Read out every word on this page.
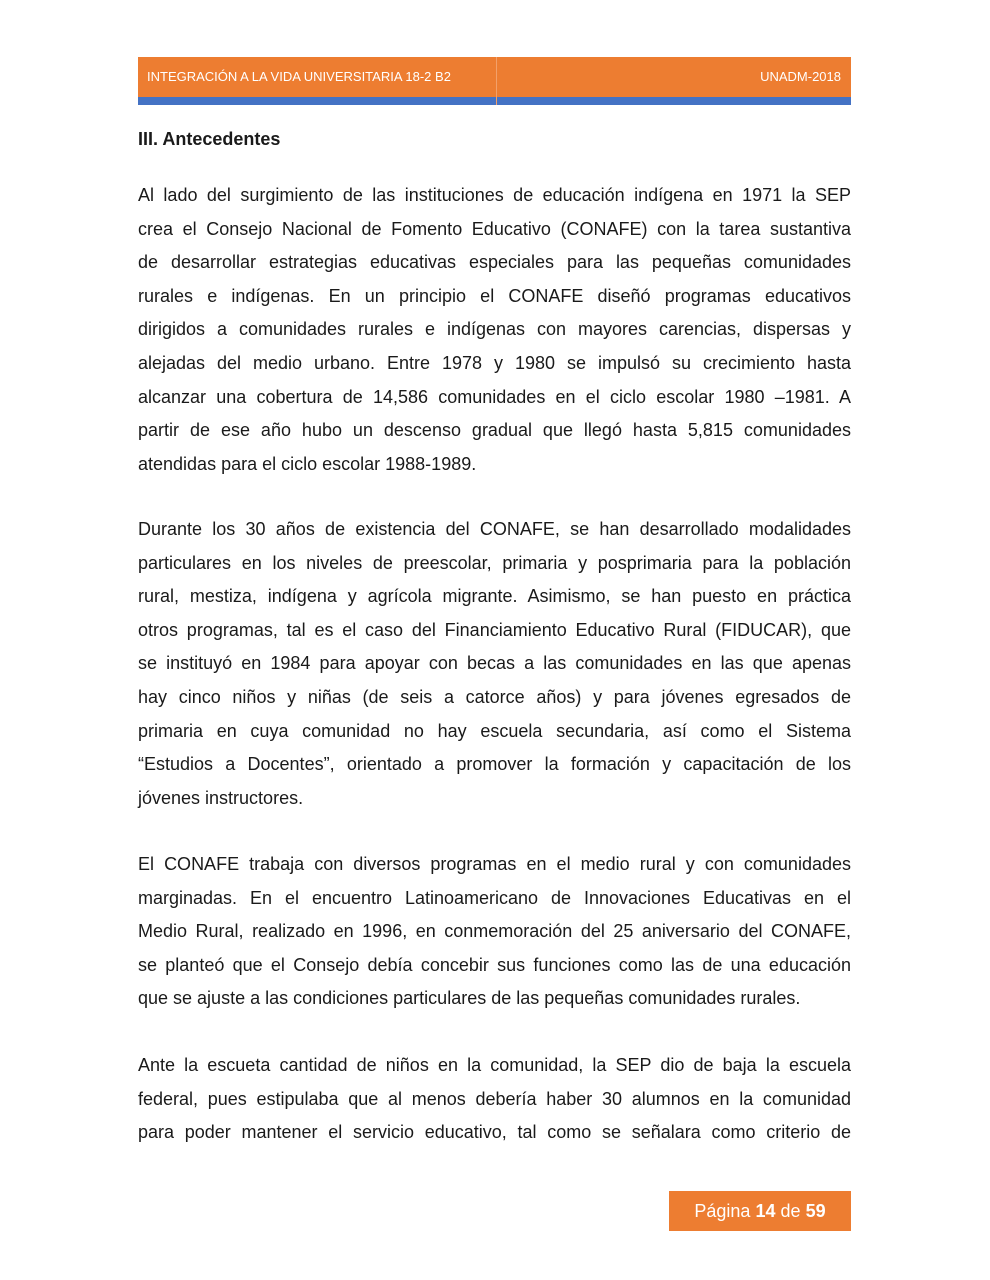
INTEGRACIÓN A LA VIDA UNIVERSITARIA 18-2 B2	UNADM-2018
III. Antecedentes
Al lado del surgimiento de las instituciones de educación indígena en 1971 la SEP
crea el Consejo Nacional de Fomento Educativo (CONAFE) con la tarea sustantiva
de desarrollar estrategias educativas especiales para las pequeñas comunidades
rurales e indígenas. En un principio el CONAFE diseñó programas educativos
dirigidos a comunidades rurales e indígenas con mayores carencias, dispersas y
alejadas del medio urbano. Entre 1978 y 1980 se impulsó su crecimiento hasta
alcanzar una cobertura de 14,586 comunidades en el ciclo escolar 1980 –1981. A
partir de ese año hubo un descenso gradual que llegó hasta 5,815 comunidades
atendidas para el ciclo escolar 1988-1989.
Durante los 30 años de existencia del CONAFE, se han desarrollado modalidades
particulares en los niveles de preescolar, primaria y posprimaria para la población
rural, mestiza, indígena y agrícola migrante. Asimismo, se han puesto en práctica
otros programas, tal es el caso del Financiamiento Educativo Rural (FIDUCAR), que
se instituyó en 1984 para apoyar con becas a las comunidades en las que apenas
hay cinco niños y niñas (de seis a catorce años) y para jóvenes egresados de
primaria en cuya comunidad no hay escuela secundaria, así como el Sistema
“Estudios a Docentes”, orientado a promover la formación y capacitación de los
jóvenes instructores.
El CONAFE trabaja con diversos programas en el medio rural y con comunidades
marginadas. En el encuentro Latinoamericano de Innovaciones Educativas en el
Medio Rural, realizado en 1996, en conmemoración del 25 aniversario del CONAFE,
se planteó que el Consejo debía concebir sus funciones como las de una educación
que se ajuste a las condiciones particulares de las pequeñas comunidades rurales.
Ante la escueta cantidad de niños en la comunidad, la SEP dio de baja la escuela
federal, pues estipulaba que al menos debería haber 30 alumnos en la comunidad
para poder mantener el servicio educativo, tal como se señalara como criterio de
Página 14 de 59
